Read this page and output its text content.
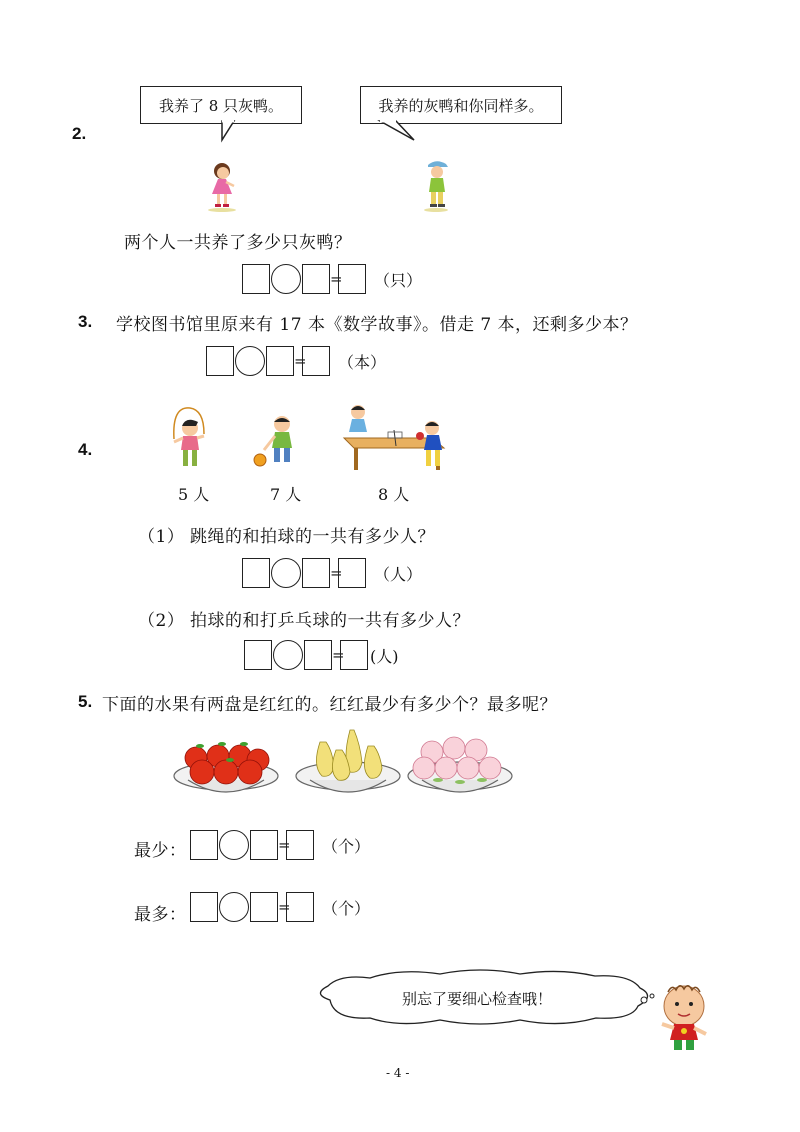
2.
我养了 8 只灰鸭。	我养的灰鸭和你同样多。
两个人一共养了多少只灰鸭？
= （只）
3. 学校图书馆里原来有 17 本《数学故事》。借走 7 本，还剩多少本？
= （本）
4.
5 人	7 人	8 人
（1） 跳绳的和拍球的一共有多少人？
= （人）
（2） 拍球的和打乒乓球的一共有多少人？
= (人)
5. 下面的水果有两盘是红红的。红红最少有多少个？最多呢？
最少：	= （个）
最多：	= （个）
别忘了要细心检查哦！
- 4 -
